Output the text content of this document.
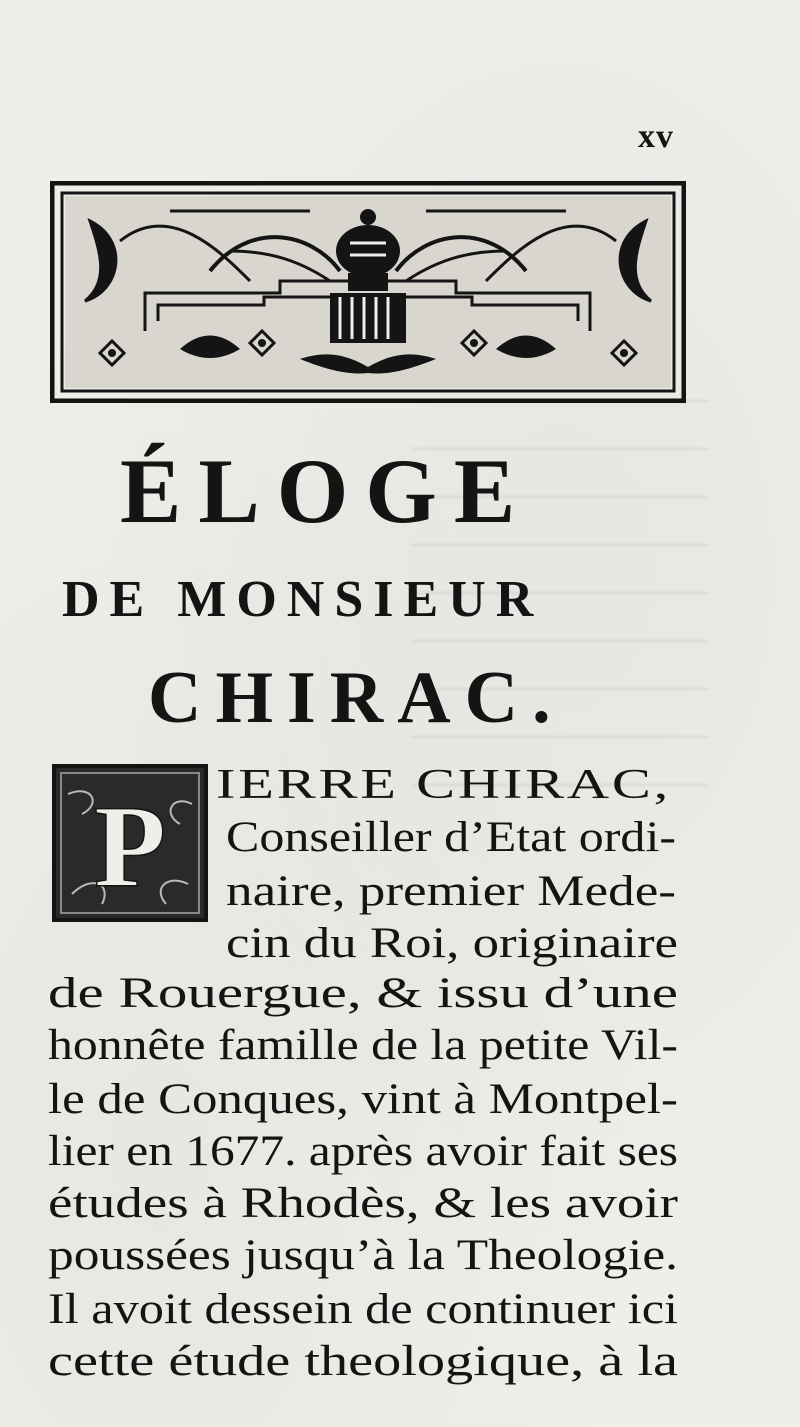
xv
ÉLOGE
DE MONSIEUR
CHIRAC.
P IERRE CHIRAC,
Conseiller d’Etat ordi-
naire, premier Mede-
cin du Roi, originaire
de Rouergue, & issu d’une
honnête famille de la petite Vil-
le de Conques, vint à Montpel-
lier en 1677. après avoir fait ses
études à Rhodès, & les avoir
poussées jusqu’à la Theologie.
Il avoit dessein de continuer ici
cette étude theologique, à la
